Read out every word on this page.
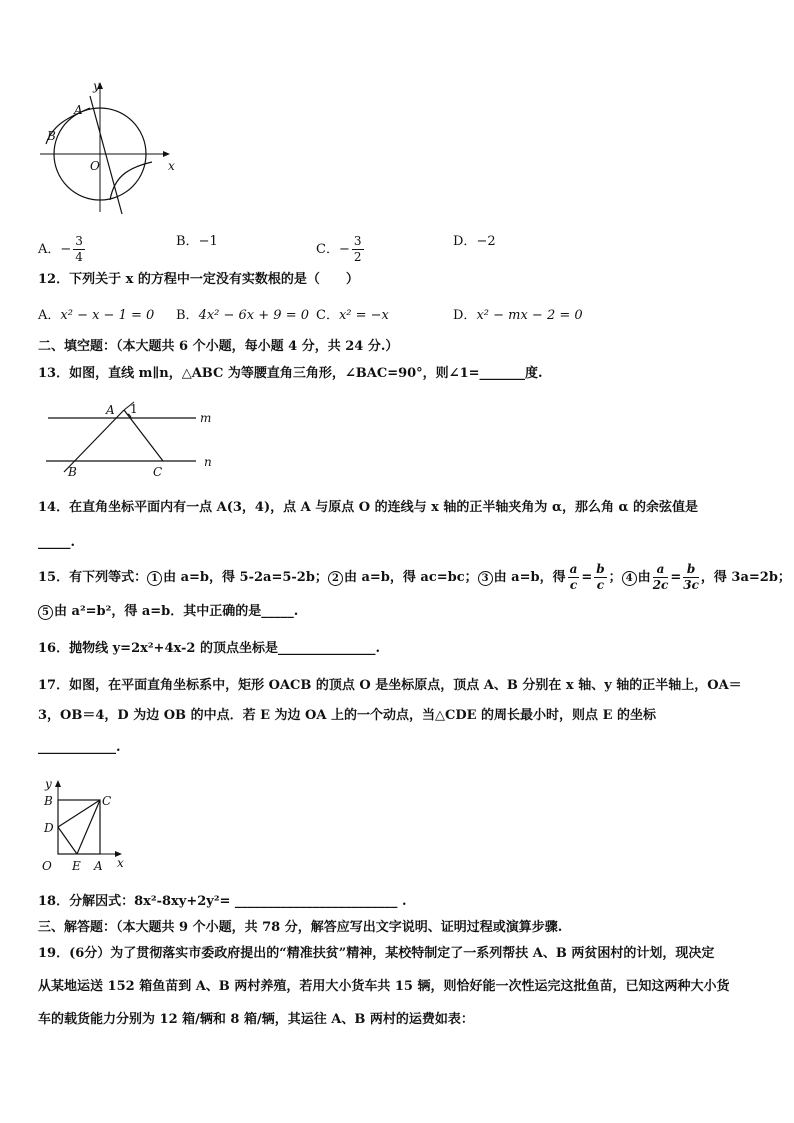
y
x
O
A
B
A．− $\frac{3}{4}$	B．−1
C．− $\frac{3}{2}$	D．−2
12．下列关于 x 的方程中一定没有实数根的是（　　）
A．x² − x − 1 = 0 B．4x² − 6x + 9 = 0 C．x² = −x	D．x² − mx − 2 = 0
二、填空题：（本大题共 6 个小题，每小题 4 分，共 24 分.）
13．如图，直线 m∥n，△ABC 为等腰直角三角形，∠BAC=90°，则∠1=_______度.
A 1
m
B	C
n
14．在直角坐标平面内有一点 A(3，4)，点 A 与原点 O 的连线与 x 轴的正半轴夹角为 α，那么角 α 的余弦值是
_____.
15．有下列等式： 1 由 a=b，得 5-2a=5-2b； 2 由 a=b，得 ac=bc； 3 由 a=b，得 $\frac{a}{c} = \frac{b}{c}$ ； 4 由 $\frac{a}{2c} = \frac{b}{3c}$ ，得 3a=2b；
5 由 a²=b²，得 a=b．其中正确的是_____.
16．抛物线 y=2x²+4x-2 的顶点坐标是_______________.
17．如图，在平面直角坐标系中，矩形 OACB 的顶点 O 是坐标原点，顶点 A、B 分别在 x 轴、y 轴的正半轴上，OA＝
3，OB＝4，D 为边 OB 的中点．若 E 为边 OA 上的一个动点，当△CDE 的周长最小时，则点 E 的坐标
____________.
y
B	C
D
O E A x
18．分解因式：8x²-8xy+2y²= _________________________ .
三、解答题：（本大题共 9 个小题，共 78 分，解答应写出文字说明、证明过程或演算步骤.
19．(6分）为了贯彻落实市委政府提出的“精准扶贫”精神，某校特制定了一系列帮扶 A、B 两贫困村的计划，现决定
从某地运送 152 箱鱼苗到 A、B 两村养殖，若用大小货车共 15 辆，则恰好能一次性运完这批鱼苗，已知这两种大小货
车的载货能力分别为 12 箱/辆和 8 箱/辆，其运往 A、B 两村的运费如表：
